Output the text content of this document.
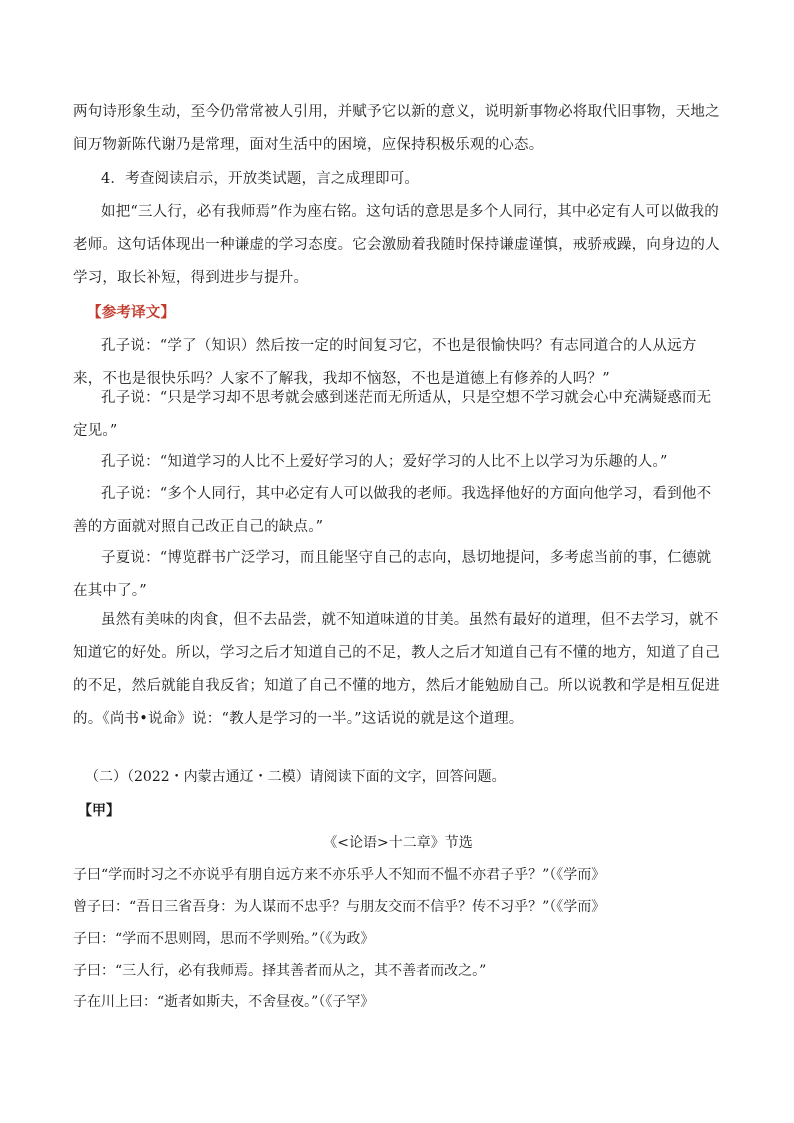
两句诗形象生动，至今仍常常被人引用，并赋予它以新的意义，说明新事物必将取代旧事物，天地之间万物新陈代谢乃是常理，面对生活中的困境，应保持积极乐观的心态。

4．考查阅读启示，开放类试题，言之成理即可。

如把“三人行，必有我师焉”作为座右铭。这句话的意思是多个人同行，其中必定有人可以做我的老师。这句话体现出一种谦虚的学习态度。它会激励着我随时保持谦虚谨慎，戒骄戒躁，向身边的人学习，取长补短，得到进步与提升。

【参考译文】

孔子说：“学了（知识）然后按一定的时间复习它，不也是很愉快吗？有志同道合的人从远方来，不也是很快乐吗？人家不了解我，我却不恼怒，不也是道德上有修养的人吗？”

孔子说：“只是学习却不思考就会感到迷茫而无所适从，只是空想不学习就会心中充满疑惑而无定见。”

孔子说：“知道学习的人比不上爱好学习的人；爱好学习的人比不上以学习为乐趣的人。”

孔子说：“多个人同行，其中必定有人可以做我的老师。我选择他好的方面向他学习，看到他不善的方面就对照自己改正自己的缺点。”

子夏说：“博览群书广泛学习，而且能坚守自己的志向，恳切地提问，多考虑当前的事，仁德就在其中了。”

虽然有美味的肉食，但不去品尝，就不知道味道的甘美。虽然有最好的道理，但不去学习，就不知道它的好处。所以，学习之后才知道自己的不足，教人之后才知道自己有不懂的地方，知道了自己的不足，然后就能自我反省；知道了自己不懂的地方，然后才能勉励自己。所以说教和学是相互促进的。《尚书•说命》说：“教人是学习的一半。”这话说的就是这个道理。

（二）（2022・内蒙古通辽・二模）请阅读下面的文字，回答问题。

【甲】

《<论语>十二章》节选

子曰“学而时习之不亦说乎有朋自远方来不亦乐乎人不知而不愠不亦君子乎？”（《学而》

曾子曰：“吾日三省吾身：为人谋而不忠乎？与朋友交而不信乎？传不习乎？”（《学而》

子曰：“学而不思则罔，思而不学则殆。”（《为政》

子曰：“三人行，必有我师焉。择其善者而从之，其不善者而改之。”

子在川上曰：“逝者如斯夫，不舍昼夜。”（《子罕》
